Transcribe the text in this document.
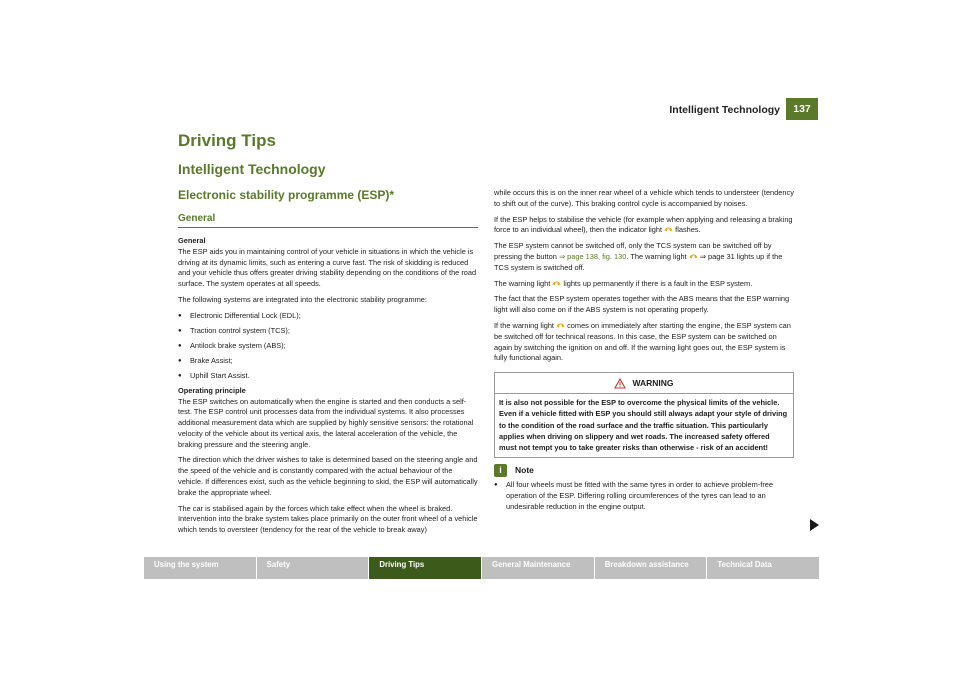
Intelligent Technology	137
Driving Tips
Intelligent Technology
Electronic stability programme (ESP)*
General

General

The ESP aids you in maintaining control of your vehicle in situations in which the vehicle is driving at its dynamic limits, such as entering a curve fast. The risk of skidding is reduced and your vehicle thus offers greater driving stability depending on the conditions of the road surface. The system operates at all speeds.

The following systems are integrated into the electronic stability programme:

● Electronic Differential Lock (EDL);
● Traction control system (TCS);
● Antilock brake system (ABS);
● Brake Assist;
● Uphill Start Assist.

Operating principle

The ESP switches on automatically when the engine is started and then conducts a self-test. The ESP control unit processes data from the individual systems. It also processes additional measurement data which are supplied by highly sensitive sensors: the rotational velocity of the vehicle about its vertical axis, the lateral acceleration of the vehicle, the braking pressure and the steering angle.

The direction which the driver wishes to take is determined based on the steering angle and the speed of the vehicle and is constantly compared with the actual behaviour of the vehicle. If differences exist, such as the vehicle beginning to skid, the ESP will automatically brake the appropriate wheel.

The car is stabilised again by the forces which take effect when the wheel is braked. Intervention into the brake system takes place primarily on the outer front wheel of a vehicle which tends to oversteer (tendency for the rear of the vehicle to break away)

while occurs this is on the inner rear wheel of a vehicle which tends to understeer (tendency to shift out of the curve). This braking control cycle is accompanied by noises.

If the ESP helps to stabilise the vehicle (for example when applying and releasing a braking force to an individual wheel), then the indicator light flashes.

The ESP system cannot be switched off, only the TCS system can be switched off by pressing the button ⇒ page 138, fig. 130. The warning light ⇒ page 31 lights up if the TCS system is switched off.

The warning light lights up permanently if there is a fault in the ESP system.

The fact that the ESP system operates together with the ABS means that the ESP warning light will also come on if the ABS system is not operating properly.

If the warning light comes on immediately after starting the engine, the ESP system can be switched off for technical reasons. In this case, the ESP system can be switched on again by switching the ignition on and off. If the warning light goes out, the ESP system is fully functional again.

WARNING
It is also not possible for the ESP to overcome the physical limits of the vehicle. Even if a vehicle fitted with ESP you should still always adapt your style of driving to the condition of the road surface and the traffic situation. This particularly applies when driving on slippery and wet roads. The increased safety offered must not tempt you to take greater risks than otherwise - risk of an accident!
i	Note
● All four wheels must be fitted with the same tyres in order to achieve problem-free operation of the ESP. Differing rolling circumferences of the tyres can lead to an undesirable reduction in the engine output.
Using the system	Safety	Driving Tips	General Maintenance	Breakdown assistance	Technical Data
